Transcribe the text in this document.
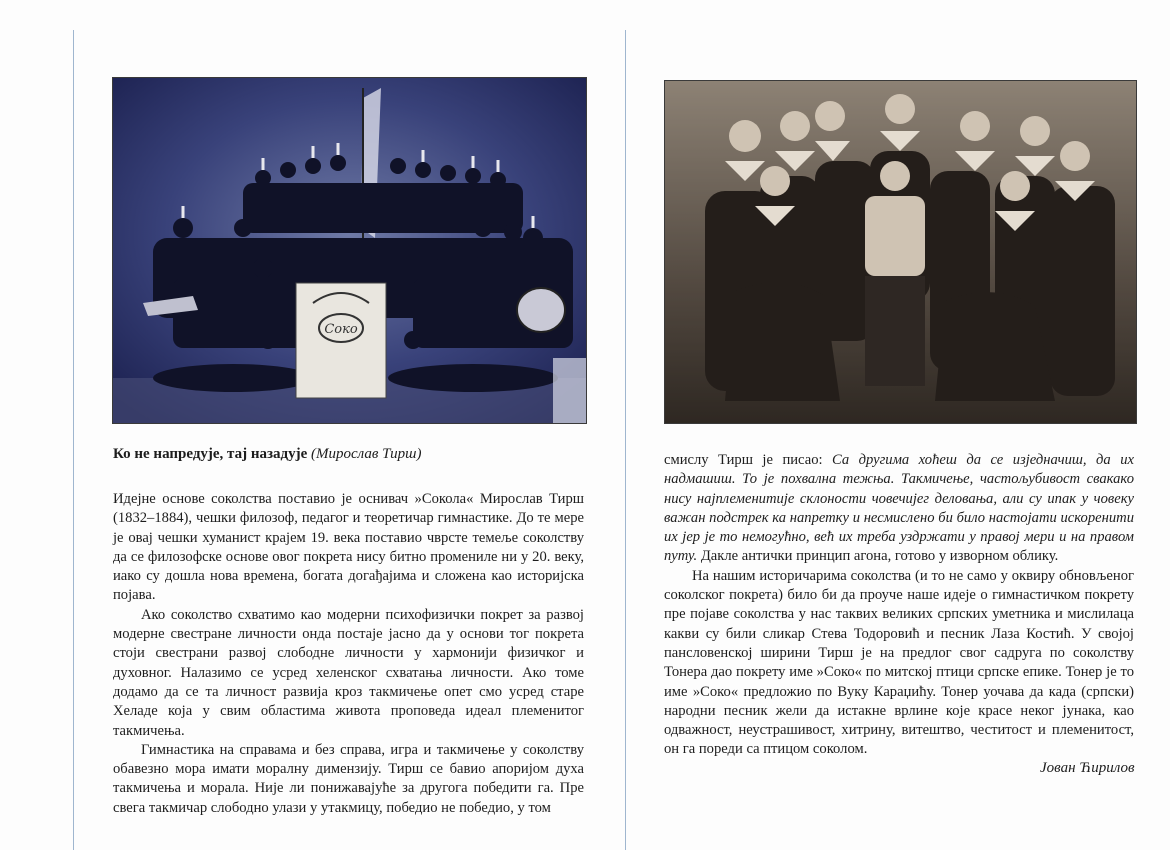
Соко
Ко не напредује, тај назадује (Мирослав Тирш)

Идејне основе соколства поставио је оснивач »Сокола« Мирослав Тирш (1832–1884), чешки филозоф, педагог и теоретичар гимнастике. До те мере је овај чешки хуманист крајем 19. века поставио чврсте темеље соколству да се филозофске основе овог покрета нису битно промениле ни у 20. веку, иако су дошла нова времена, богата догађајима и сложена као историјска појава.

Ако соколство схватимо као модерни психофизички покрет за развој модерне свестране личности онда постаје јасно да у основи тог покрета стоји свестрани развој слободне личности у хармонији физичког и духовног. Налазимо се усред хеленског схватања личности. Ако томе додамо да се та личност развија кроз такмичење опет смо усред старе Хеладе која у свим областима живота проповеда идеал племенитог такмичења.

Гимнастика на справама и без справа, игра и такмичење у соколству обавезно мора имати моралну димензију. Тирш се бавио апоријом духа такмичења и морала. Није ли понижавајуће за другога победити га. Пре свега такмичар слободно улази у утакмицу, победио не победио, у том

смислу Тирш је писао: Са другима хоћеш да се изједначиш, да их надмашиш. То је похвална тежња. Такмичење, частољубивост свакако нису најплеменитије склоности човечијег деловања, али су ипак у човеку важан подстрек ка напретку и несмислено би било настојати искоренити их јер је то немогућно, већ их треба уздржати у правој мери и на правом путу. Дакле антички принцип агона, готово у изворном облику.

На нашим историчарима соколства (и то не само у оквиру обновљеног соколског покрета) било би да проуче наше идеје о гимнастичком покрету пре појаве соколства у нас таквих великих српских уметника и мислилаца какви су били сликар Стева Тодоровић и песник Лаза Костић. У својој панслoвенској ширини Тирш је на предлог свог садруга по соколству Тонера дао покрету име »Соко« по митској птици српске епике. Тонер је то име »Соко« предложио по Вуку Караџићу. Тонер уочава да када (српски) народни песник жели да истакне врлине које красе неког јунака, као одважност, неустрашивост, хитрину, витештво, честитост и племенитост, он га пореди са птицом соколом.

Јован Ћирилов
